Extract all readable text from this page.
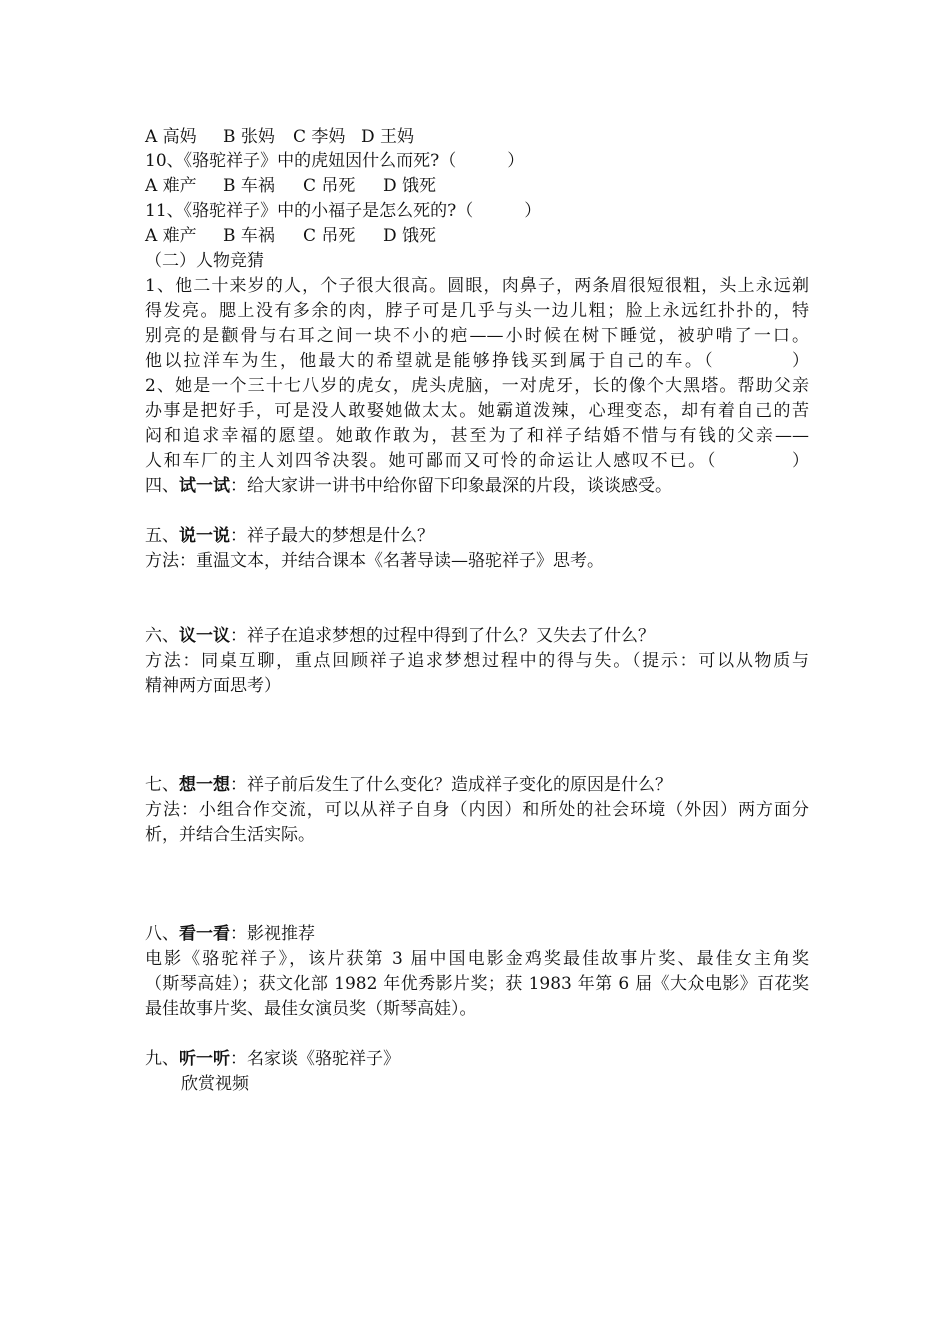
A 高妈 B 张妈 C 李妈 D 王妈
10、《骆驼祥子》中的虎妞因什么而死?（　　　）
A 难产 B 车祸 C 吊死 D 饿死
11、《骆驼祥子》中的小福子是怎么死的?（　　　）
A 难产 B 车祸 C 吊死 D 饿死
（二）人物竞猜
1、他二十来岁的人，个子很大很高。圆眼，肉鼻子，两条眉很短很粗，头上永远剃
得发亮。腮上没有多余的肉，脖子可是几乎与头一边儿粗；脸上永远红扑扑的，特
别亮的是颧骨与右耳之间一块不小的疤——小时候在树下睡觉，被驴啃了一口。
他以拉洋车为生，他最大的希望就是能够挣钱买到属于自己的车。（　　　　）
2、她是一个三十七八岁的虎女，虎头虎脑，一对虎牙，长的像个大黑塔。帮助父亲
办事是把好手，可是没人敢娶她做太太。她霸道泼辣，心理变态，却有着自己的苦
闷和追求幸福的愿望。她敢作敢为，甚至为了和祥子结婚不惜与有钱的父亲——
人和车厂的主人刘四爷决裂。她可鄙而又可怜的命运让人感叹不已。（　　　　）
四、试一试：给大家讲一讲书中给你留下印象最深的片段，谈谈感受。
五、说一说：祥子最大的梦想是什么？
方法：重温文本，并结合课本《名著导读—骆驼祥子》思考。
六、议一议：祥子在追求梦想的过程中得到了什么？又失去了什么？
方法：同桌互聊，重点回顾祥子追求梦想过程中的得与失。（提示：可以从物质与
精神两方面思考）
七、想一想：祥子前后发生了什么变化？造成祥子变化的原因是什么？
方法：小组合作交流，可以从祥子自身（内因）和所处的社会环境（外因）两方面分
析，并结合生活实际。
八、看一看：影视推荐
电影《骆驼祥子》，该片获第 3 届中国电影金鸡奖最佳故事片奖、最佳女主角奖
（斯琴高娃）；获文化部 1982 年优秀影片奖；获 1983 年第 6 届《大众电影》百花奖
最佳故事片奖、最佳女演员奖（斯琴高娃）。
九、听一听：名家谈《骆驼祥子》
欣赏视频
